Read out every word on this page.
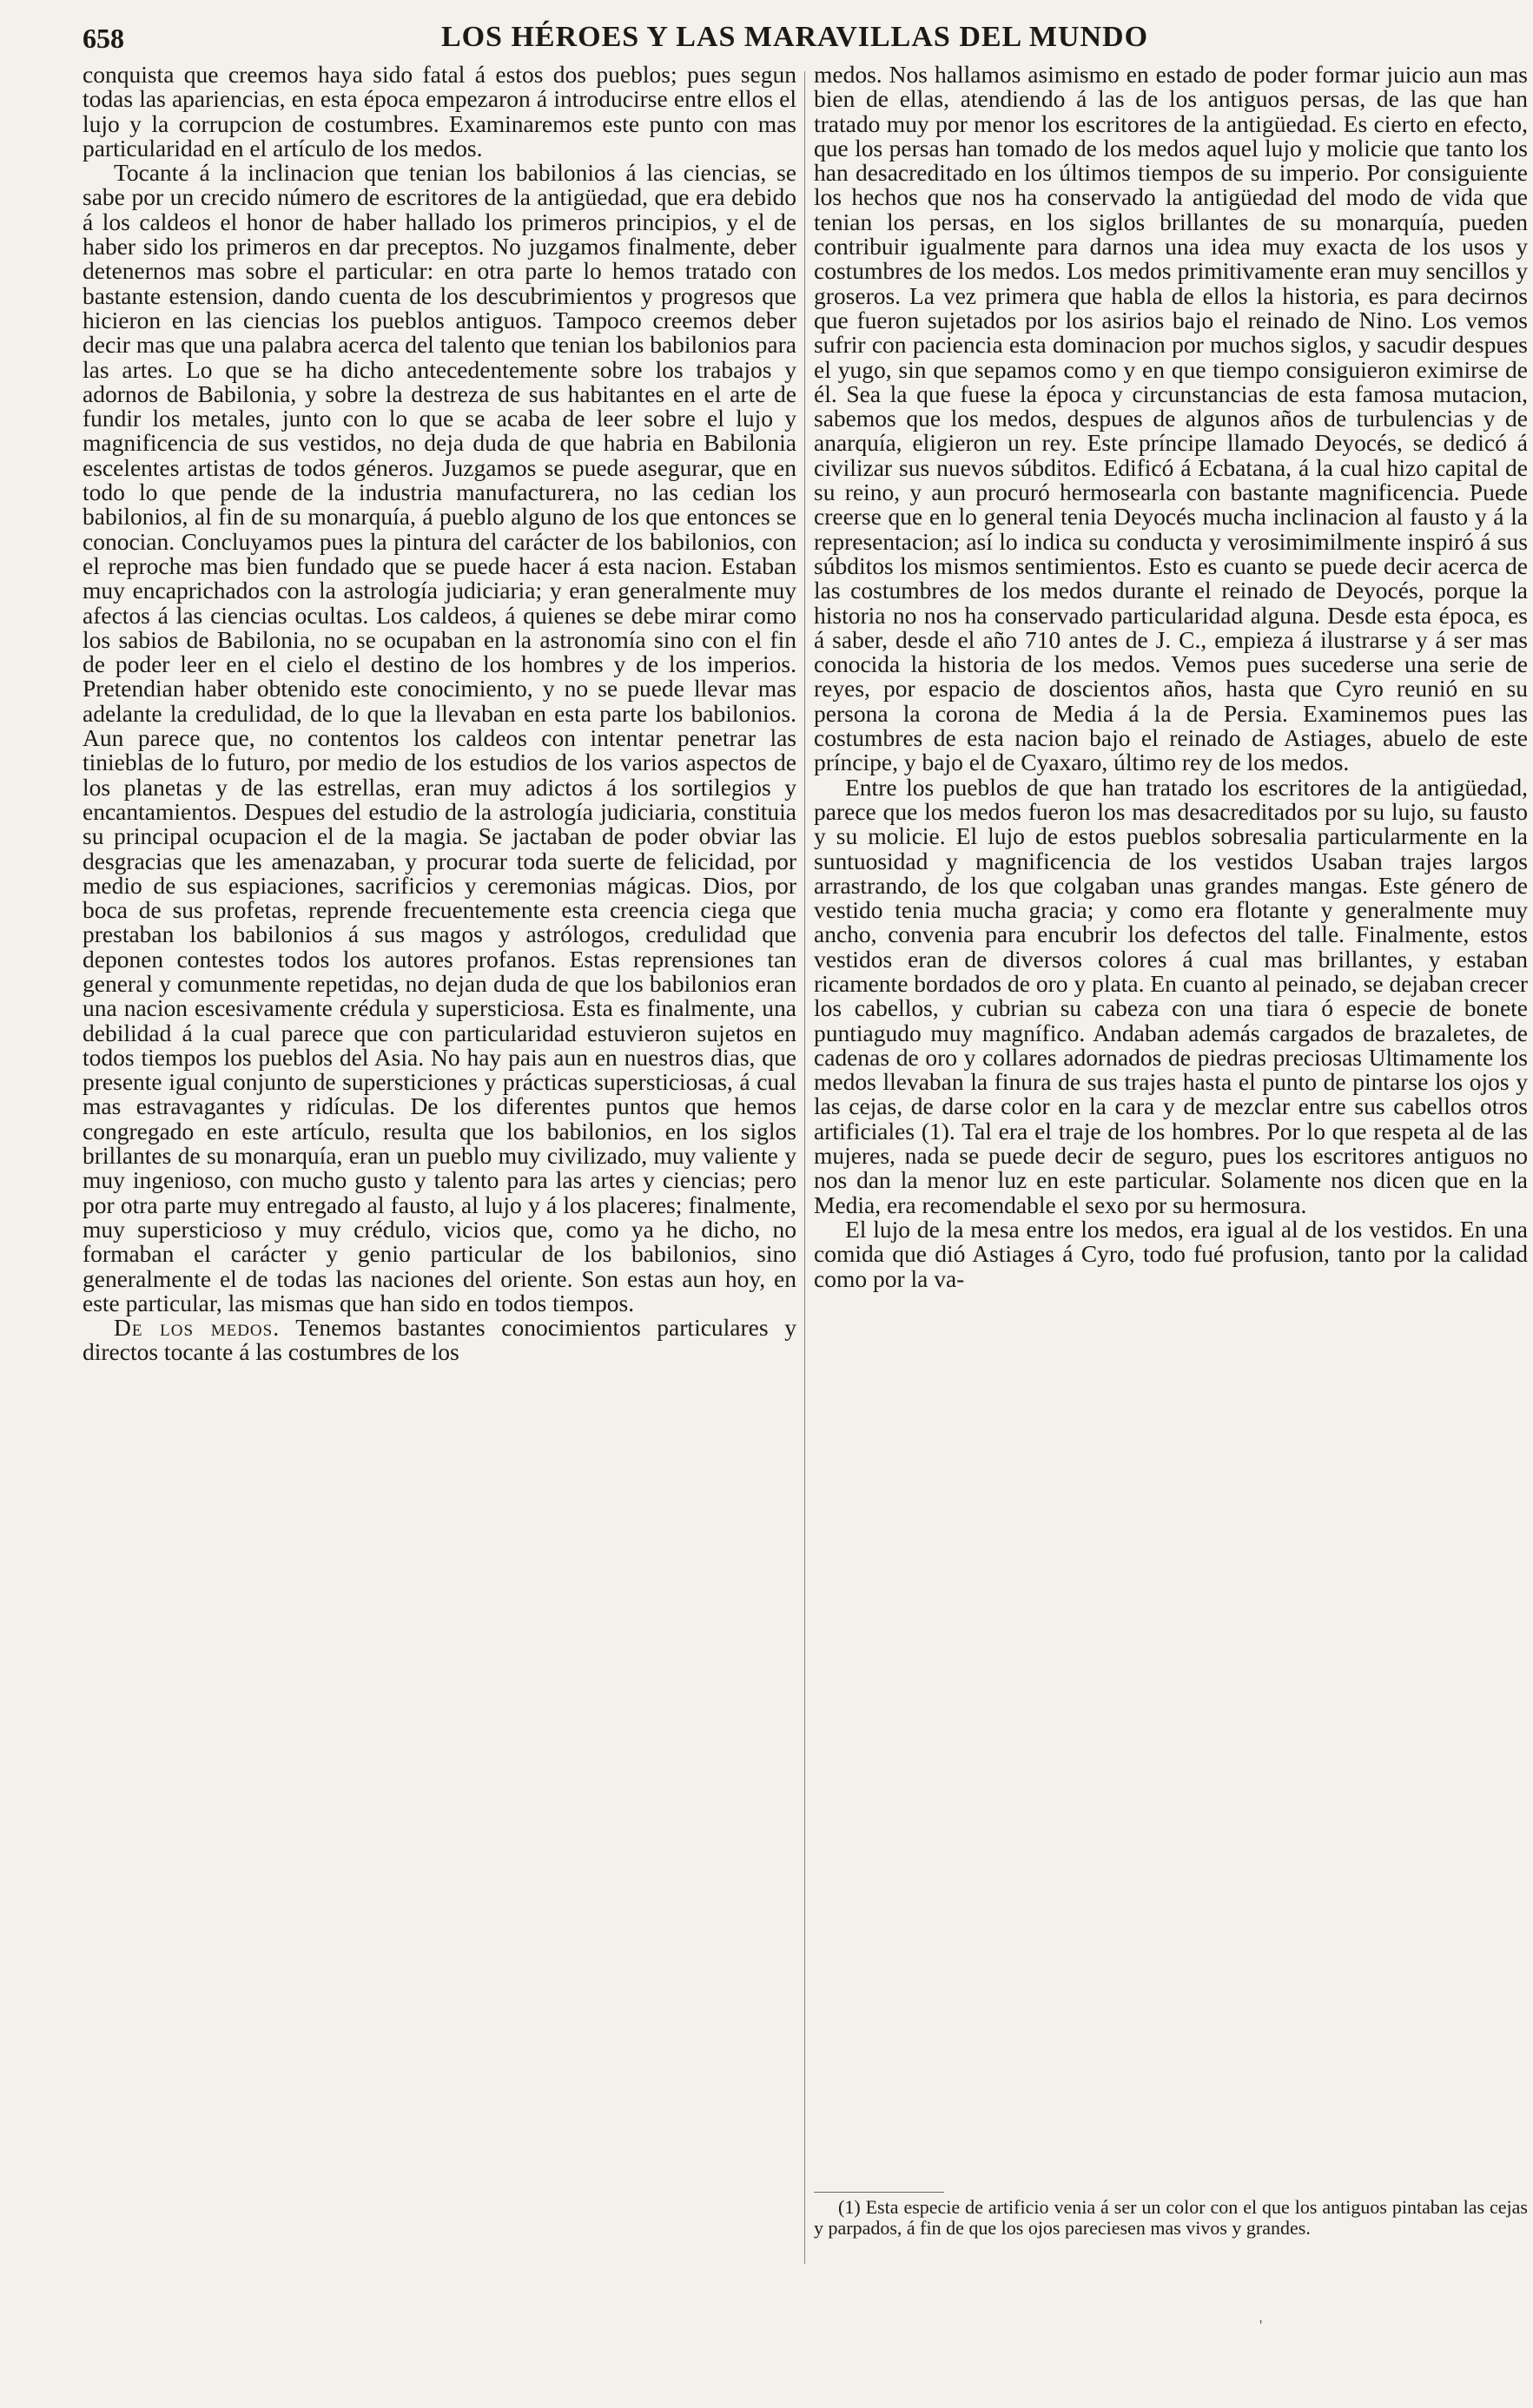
658	LOS HÉROES Y LAS MARAVILLAS DEL MUNDO

conquista que creemos haya sido fatal á estos dos pueblos; pues segun todas las apariencias, en esta época empezaron á introducirse entre ellos el lujo y la corrupcion de costumbres. Examinaremos este punto con mas particularidad en el artículo de los medos.

Tocante á la inclinacion que tenian los babilonios á las ciencias, se sabe por un crecido número de escritores de la antigüedad, que era debido á los caldeos el honor de haber hallado los primeros principios, y el de haber sido los primeros en dar preceptos. No juzgamos finalmente, deber detenernos mas sobre el particular: en otra parte lo hemos tratado con bastante estension, dando cuenta de los descubrimientos y progresos que hicieron en las ciencias los pueblos antiguos. Tampoco creemos deber decir mas que una palabra acerca del talento que tenian los babilonios para las artes. Lo que se ha dicho antecedentemente sobre los trabajos y adornos de Babilonia, y sobre la destreza de sus habitantes en el arte de fundir los metales, junto con lo que se acaba de leer sobre el lujo y magnificencia de sus vestidos, no deja duda de que habria en Babilonia escelentes artistas de todos géneros. Juzgamos se puede asegurar, que en todo lo que pende de la industria manufacturera, no las cedian los babilonios, al fin de su monarquía, á pueblo alguno de los que entonces se conocian. Concluyamos pues la pintura del carácter de los babilonios, con el reproche mas bien fundado que se puede hacer á esta nacion. Estaban muy encaprichados con la astrología judiciaria; y eran generalmente muy afectos á las ciencias ocultas. Los caldeos, á quienes se debe mirar como los sabios de Babilonia, no se ocupaban en la astronomía sino con el fin de poder leer en el cielo el destino de los hombres y de los imperios. Pretendian haber obtenido este conocimiento, y no se puede llevar mas adelante la credulidad, de lo que la llevaban en esta parte los babilonios. Aun parece que, no contentos los caldeos con intentar penetrar las tinieblas de lo futuro, por medio de los estudios de los varios aspectos de los planetas y de las estrellas, eran muy adictos á los sortilegios y encantamientos. Despues del estudio de la astrología judiciaria, constituia su principal ocupacion el de la magia. Se jactaban de poder obviar las desgracias que les amenazaban, y procurar toda suerte de felicidad, por medio de sus espiaciones, sacrificios y ceremonias mágicas. Dios, por boca de sus profetas, reprende frecuentemente esta creencia ciega que prestaban los babilonios á sus magos y astrólogos, credulidad que deponen contestes todos los autores profanos. Estas reprensiones tan general y comunmente repetidas, no dejan duda de que los babilonios eran una nacion escesivamente crédula y supersticiosa. Esta es finalmente, una debilidad á la cual parece que con particularidad estuvieron sujetos en todos tiempos los pueblos del Asia. No hay pais aun en nuestros dias, que presente igual conjunto de supersticiones y prácticas supersticiosas, á cual mas estravagantes y ridículas. De los diferentes puntos que hemos congregado en este artículo, resulta que los babilonios, en los siglos brillantes de su monarquía, eran un pueblo muy civilizado, muy valiente y muy ingenioso, con mucho gusto y talento para las artes y ciencias; pero por otra parte muy entregado al fausto, al lujo y á los placeres; finalmente, muy supersticioso y muy crédulo, vicios que, como ya he dicho, no formaban el carácter y genio particular de los babilonios, sino generalmente el de todas las naciones del oriente. Son estas aun hoy, en este particular, las mismas que han sido en todos tiempos.

De los medos. Tenemos bastantes conocimientos particulares y directos tocante á las costumbres de los

medos. Nos hallamos asimismo en estado de poder formar juicio aun mas bien de ellas, atendiendo á las de los antiguos persas, de las que han tratado muy por menor los escritores de la antigüedad. Es cierto en efecto, que los persas han tomado de los medos aquel lujo y molicie que tanto los han desacreditado en los últimos tiempos de su imperio. Por consiguiente los hechos que nos ha conservado la antigüedad del modo de vida que tenian los persas, en los siglos brillantes de su monarquía, pueden contribuir igualmente para darnos una idea muy exacta de los usos y costumbres de los medos. Los medos primitivamente eran muy sencillos y groseros. La vez primera que habla de ellos la historia, es para decirnos que fueron sujetados por los asirios bajo el reinado de Nino. Los vemos sufrir con paciencia esta dominacion por muchos siglos, y sacudir despues el yugo, sin que sepamos como y en que tiempo consiguieron eximirse de él. Sea la que fuese la época y circunstancias de esta famosa mutacion, sabemos que los medos, despues de algunos años de turbulencias y de anarquía, eligieron un rey. Este príncipe llamado Deyocés, se dedicó á civilizar sus nuevos súbditos. Edificó á Ecbatana, á la cual hizo capital de su reino, y aun procuró hermosearla con bastante magnificencia. Puede creerse que en lo general tenia Deyocés mucha inclinacion al fausto y á la representacion; así lo indica su conducta y verosimimilmente inspiró á sus súbditos los mismos sentimientos. Esto es cuanto se puede decir acerca de las costumbres de los medos durante el reinado de Deyocés, porque la historia no nos ha conservado particularidad alguna. Desde esta época, es á saber, desde el año 710 antes de J. C., empieza á ilustrarse y á ser mas conocida la historia de los medos. Vemos pues sucederse una serie de reyes, por espacio de doscientos años, hasta que Cyro reunió en su persona la corona de Media á la de Persia. Examinemos pues las costumbres de esta nacion bajo el reinado de Astiages, abuelo de este príncipe, y bajo el de Cyaxaro, último rey de los medos.

Entre los pueblos de que han tratado los escritores de la antigüedad, parece que los medos fueron los mas desacreditados por su lujo, su fausto y su molicie. El lujo de estos pueblos sobresalia particularmente en la suntuosidad y magnificencia de los vestidos Usaban trajes largos arrastrando, de los que colgaban unas grandes mangas. Este género de vestido tenia mucha gracia; y como era flotante y generalmente muy ancho, convenia para encubrir los defectos del talle. Finalmente, estos vestidos eran de diversos colores á cual mas brillantes, y estaban ricamente bordados de oro y plata. En cuanto al peinado, se dejaban crecer los cabellos, y cubrian su cabeza con una tiara ó especie de bonete puntiagudo muy magnífico. Andaban además cargados de brazaletes, de cadenas de oro y collares adornados de piedras preciosas Ultimamente los medos llevaban la finura de sus trajes hasta el punto de pintarse los ojos y las cejas, de darse color en la cara y de mezclar entre sus cabellos otros artificiales (1). Tal era el traje de los hombres. Por lo que respeta al de las mujeres, nada se puede decir de seguro, pues los escritores antiguos no nos dan la menor luz en este particular. Solamente nos dicen que en la Media, era recomendable el sexo por su hermosura.

El lujo de la mesa entre los medos, era igual al de los vestidos. En una comida que dió Astiages á Cyro, todo fué profusion, tanto por la calidad como por la va-

(1) Esta especie de artificio venia á ser un color con el que los antiguos pintaban las cejas y parpados, á fin de que los ojos pareciesen mas vivos y grandes.

'
